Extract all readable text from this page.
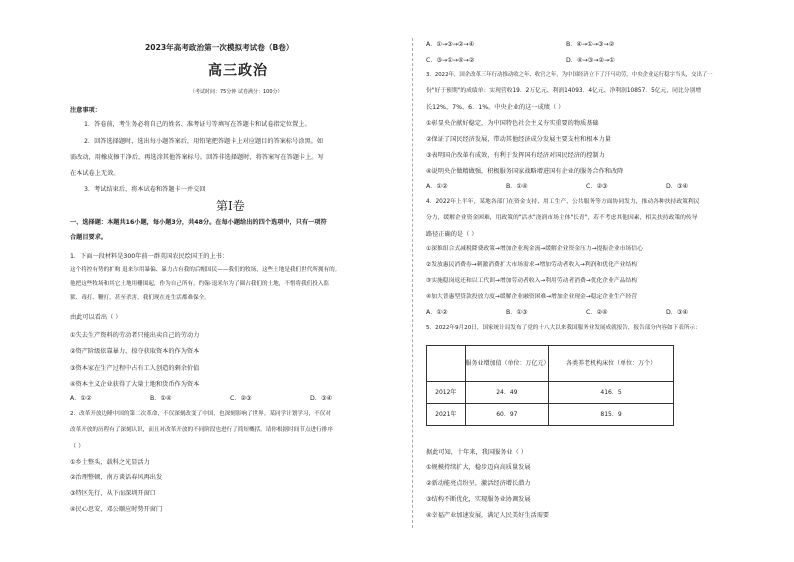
2023年高考政治第一次模拟考试卷（B卷）
高三政治
（考试时间：75分钟 试卷满分：100分）
注意事项：
1．答卷前，考生务必将自己的姓名、准考证号等填写在答题卡和试卷指定位置上。
2．回答选择题时，选出每小题答案后，用铅笔把答题卡上对应题目的答案标号涂黑。如
需改动，用橡皮擦干净后，再选涂其他答案标号。回答非选择题时，将答案写在答题卡上。写
在本试卷上无效。
3．考试结束后，将本试卷和答题卡一并交回
第Ⅰ卷
一、选择题：本题共16小题，每小题3分，共48分。在每小题给出的四个选项中，只有一项符
合题目要求。
1．下面一段材料是300年前一群英国农民绘国王的上书：
这个将控有势的扩购 退来尔用暴偏、暴力占有我的后帽国民——我们的牧场，这些土地是我们世代所拥有的。
他把这些牧场和其它土地用栅围起，作为自己所有。约翰·退米尔为了圈占我们的土地，不惜将我们投入监
狱、毒打、鞭打，甚至杀害，我们现在连生活都难保全。
由此可以看出（ ）
①失去生产资料的劳动者只能出卖自己的劳动力
②资产阶级依靠暴力、掠夺获取资本的作为资本
③资本家在生产过程中占有工人创造的剩余价值
④资本主义企业获得了大量土地和货币作为资本
A．①②	B．①④	C．②③	D．③④
2．改革开放边陲中国的第二次革命，不仅深刻改变了中国，也深刻影响了世界。某同学计划学习，不仅对
改革开放的历程有了深刻认识，而且对改革开放的不同阶段也进行了简短概括。请你根据时间节点进行排序
（ ）
①乡土整头，载科之光显活力
②治理整顿，南方谈话春风再出发
③特区先行，从下而深圳开窗口
④民心思安，邓公顺应时势开窗门
A．①→③→②→④	B．④→①→③→②
C．③→①→④→②	D．④→③→②→①
3．2022年，国企改革三年行动推动收之年、收官之年，为中国经济立下了汗马功劳。中央企业运行稳字当头，交出了一
份"好于预期"的成绩单：实现营收19．2万亿元、利润14093．4亿元、净利润10857．5亿元，同比分别增
长12%、7%、6．1%。中央企业的这一成绩（ ）
①彰显央企献好稳定，为中国特色社会主义夯实重要的物质基础
②保证了国民经济发展，带动其他经济成分发展主要支柱和根本力量
③表明国企改革有成效，有利于发挥国有经济对国民经济的控制力
④说明央企做精做强，积极服务国家战略增进国有企业的服务合作和改降
A．①②	B．①④	C．②③	D．③④
4．2022年上半年，某地各部门在资金支持、用工生产、公共服务等方面协同发力，推动各种扶持政策利民
分力，缓解企业资金困难，用政策的"活水"浇润市场主体"长青"，若不考虑其他因素，相关扶持政策的传导
路径正确的是（ ）
①深推组合式减税降费政策→增加企业现金流→缓解企业资金压力→提振企业市场信心
②发放惠民消费券→刺激消费扩大市场需求→增加劳动者收入→利润和优化产业结构
③实施稳岗返还和以工代训→增加劳动者收入→利用劳动者消费→优化企业产品结构
④加大普惠型贷款投放力度→缓解企业融资困难→增加企业现金→稳定企业生产经营
A．①②	B．①③	C．②④	D．③④
5．2022年9月20日，国家统计局发布了党的十八大以来我国服务业发展成就报告，报告部分内容如下表所示：
	服务业增加值（单位：万亿元）	各类养老机构床位（单位：万个）
2012年	24．49	416．5
2021年	60．97	815．9
据此可知，十年来，我国服务业（ ）
①规模持续扩大，稳步迈向高质量发展
②新动能亮点纷呈，激活经济增长潜力
③结构不断优化，实现服务业协调发展
④幸福产业加速发展，满足人民美好生活需要
